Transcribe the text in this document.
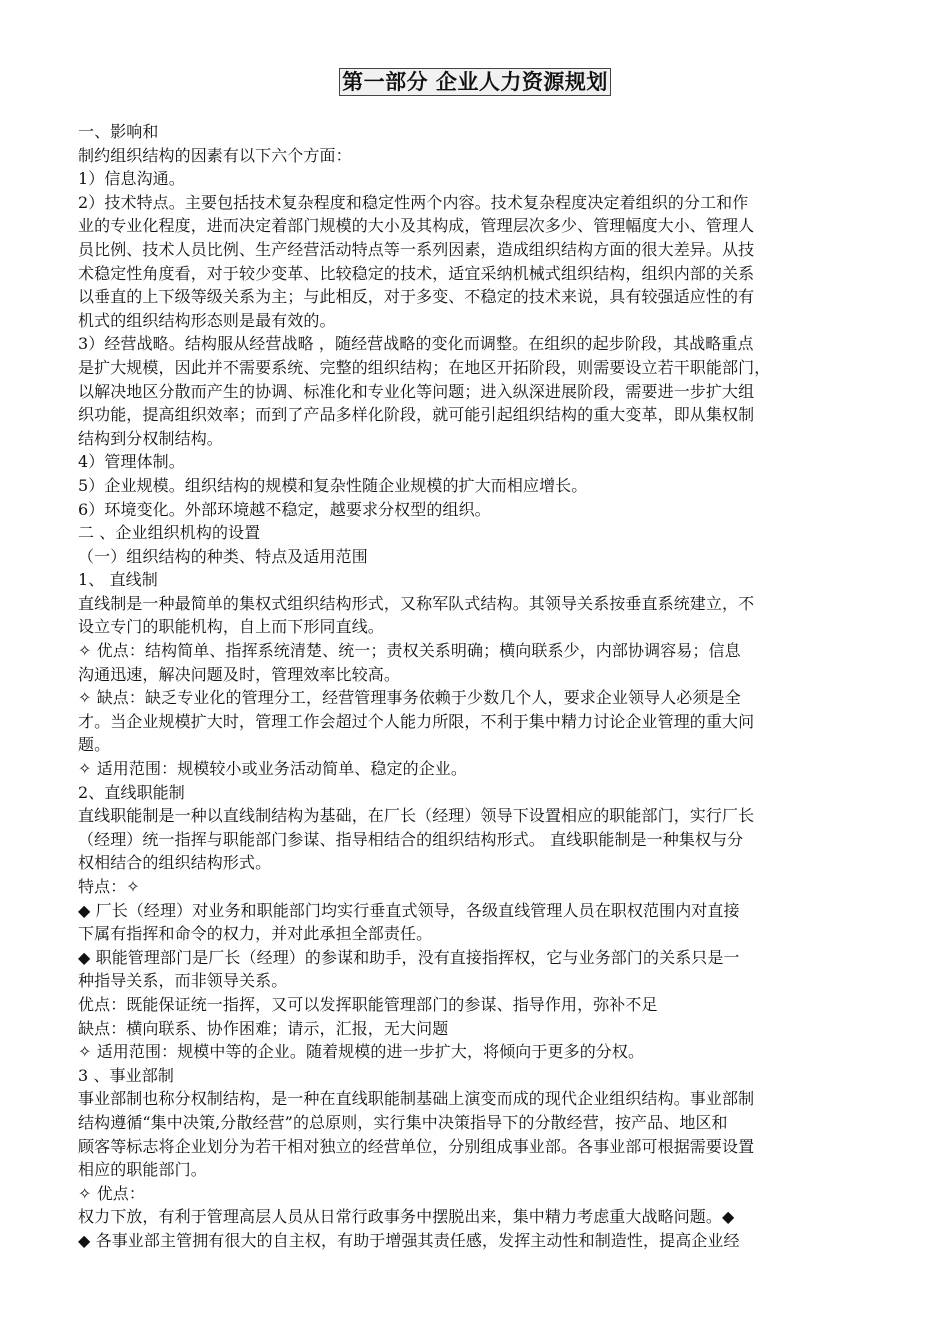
第一部分 企业人力资源规划
一、影响和
制约组织结构的因素有以下六个方面：
1）信息沟通。
2）技术特点。主要包括技术复杂程度和稳定性两个内容。技术复杂程度决定着组织的分工和作
业的专业化程度，进而决定着部门规模的大小及其构成，管理层次多少、管理幅度大小、管理人
员比例、技术人员比例、生产经营活动特点等一系列因素，造成组织结构方面的很大差异。从技
术稳定性角度看，对于较少变革、比较稳定的技术，适宜采纳机械式组织结构，组织内部的关系
以垂直的上下级等级关系为主；与此相反，对于多变、不稳定的技术来说，具有较强适应性的有
机式的组织结构形态则是最有效的。
3）经营战略。结构服从经营战略 ，随经营战略的变化而调整。在组织的起步阶段，其战略重点
是扩大规模，因此并不需要系统、完整的组织结构；在地区开拓阶段，则需要设立若干职能部门，
以解决地区分散而产生的协调、标准化和专业化等问题；进入纵深进展阶段，需要进一步扩大组
织功能，提高组织效率；而到了产品多样化阶段，就可能引起组织结构的重大变革，即从集权制
结构到分权制结构。
4）管理体制。
5）企业规模。组织结构的规模和复杂性随企业规模的扩大而相应增长。
6）环境变化。外部环境越不稳定，越要求分权型的组织。
二 、企业组织机构的设置
（一）组织结构的种类、特点及适用范围
1、 直线制
直线制是一种最简单的集权式组织结构形式，又称军队式结构。其领导关系按垂直系统建立，不
设立专门的职能机构，自上而下形同直线。
✧ 优点：结构简单、指挥系统清楚、统一；责权关系明确；横向联系少，内部协调容易；信息
沟通迅速，解决问题及时，管理效率比较高。
✧ 缺点：缺乏专业化的管理分工，经营管理事务依赖于少数几个人，要求企业领导人必须是全
才。当企业规模扩大时，管理工作会超过个人能力所限，不利于集中精力讨论企业管理的重大问
题。
✧ 适用范围：规模较小或业务活动简单、稳定的企业。
2、直线职能制
直线职能制是一种以直线制结构为基础，在厂长（经理）领导下设置相应的职能部门，实行厂长
（经理）统一指挥与职能部门参谋、指导相结合的组织结构形式。 直线职能制是一种集权与分
权相结合的组织结构形式。
特点：✧
◆ 厂长（经理）对业务和职能部门均实行垂直式领导，各级直线管理人员在职权范围内对直接
下属有指挥和命令的权力，并对此承担全部责任。
◆ 职能管理部门是厂长（经理）的参谋和助手，没有直接指挥权，它与业务部门的关系只是一
种指导关系，而非领导关系。
优点：既能保证统一指挥，又可以发挥职能管理部门的参谋、指导作用，弥补不足
缺点：横向联系、协作困难；请示，汇报，无大问题
✧ 适用范围：规模中等的企业。随着规模的进一步扩大，将倾向于更多的分权。
3 、事业部制
事业部制也称分权制结构，是一种在直线职能制基础上演变而成的现代企业组织结构。事业部制
结构遵循“集中决策,分散经营”的总原则，实行集中决策指导下的分散经营，按产品、地区和
顾客等标志将企业划分为若干相对独立的经营单位，分别组成事业部。各事业部可根据需要设置
相应的职能部门。
✧ 优点：
权力下放，有利于管理高层人员从日常行政事务中摆脱出来，集中精力考虑重大战略问题。◆
◆ 各事业部主管拥有很大的自主权，有助于增强其责任感，发挥主动性和制造性，提高企业经
